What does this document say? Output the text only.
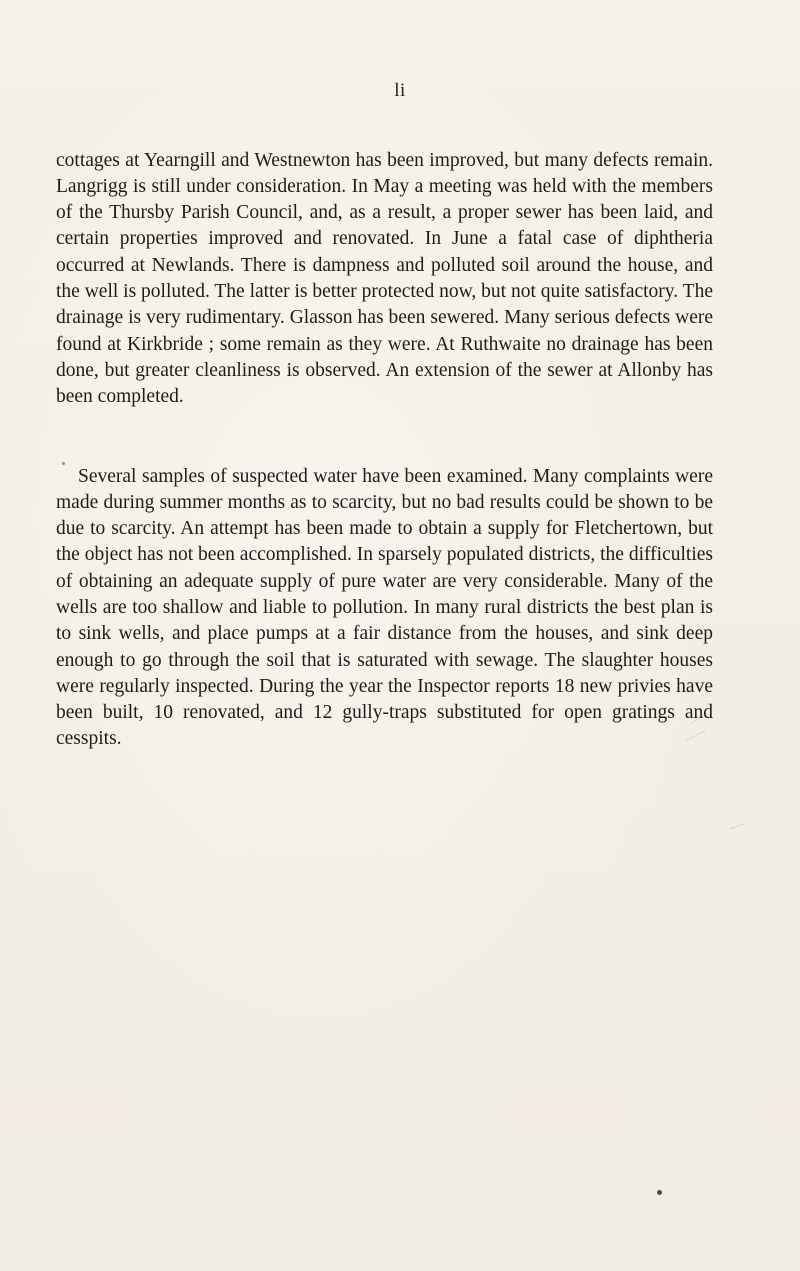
li

cottages at Yearngill and Westnewton has been improved, but many defects remain. Langrigg is still under consideration. In May a meeting was held with the members of the Thursby Parish Council, and, as a result, a proper sewer has been laid, and certain properties improved and renovated. In June a fatal case of diphtheria occurred at Newlands. There is dampness and polluted soil around the house, and the well is polluted. The latter is better protected now, but not quite satisfactory. The drainage is very rudimentary. Glasson has been sewered. Many serious defects were found at Kirkbride ; some remain as they were. At Ruthwaite no drainage has been done, but greater cleanliness is observed. An extension of the sewer at Allonby has been completed.

Several samples of suspected water have been examined. Many complaints were made during summer months as to scarcity, but no bad results could be shown to be due to scarcity. An attempt has been made to obtain a supply for Fletchertown, but the object has not been accomplished. In sparsely populated districts, the difficulties of obtaining an adequate supply of pure water are very considerable. Many of the wells are too shallow and liable to pollution. In many rural districts the best plan is to sink wells, and place pumps at a fair distance from the houses, and sink deep enough to go through the soil that is saturated with sewage. The slaughter houses were regularly inspected. During the year the Inspector reports 18 new privies have been built, 10 renovated, and 12 gully-traps substituted for open gratings and cesspits.
